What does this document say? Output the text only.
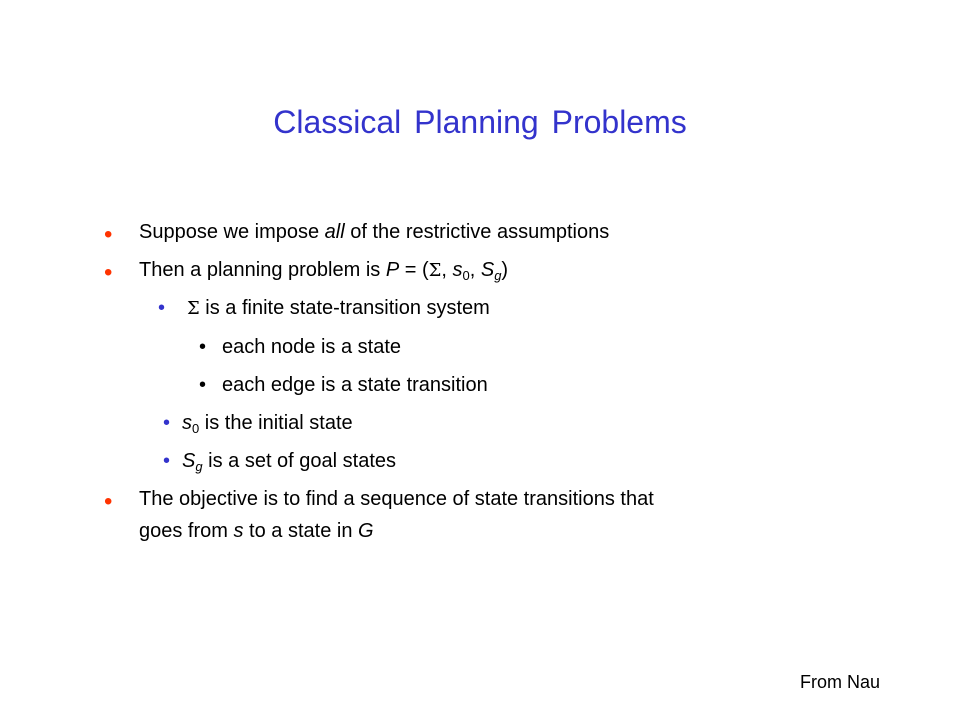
Classical Planning Problems
• Suppose we impose all of the restrictive assumptions
• Then a planning problem is P = (Σ, $s_0$, $S_g$)
• Σ is a finite state-transition system
• each node is a state
• each edge is a state transition
• $s_0$ is the initial state
• $S_g$ is a set of goal states
• The objective is to find a sequence of state transitions that
goes from s to a state in G
From Nau
